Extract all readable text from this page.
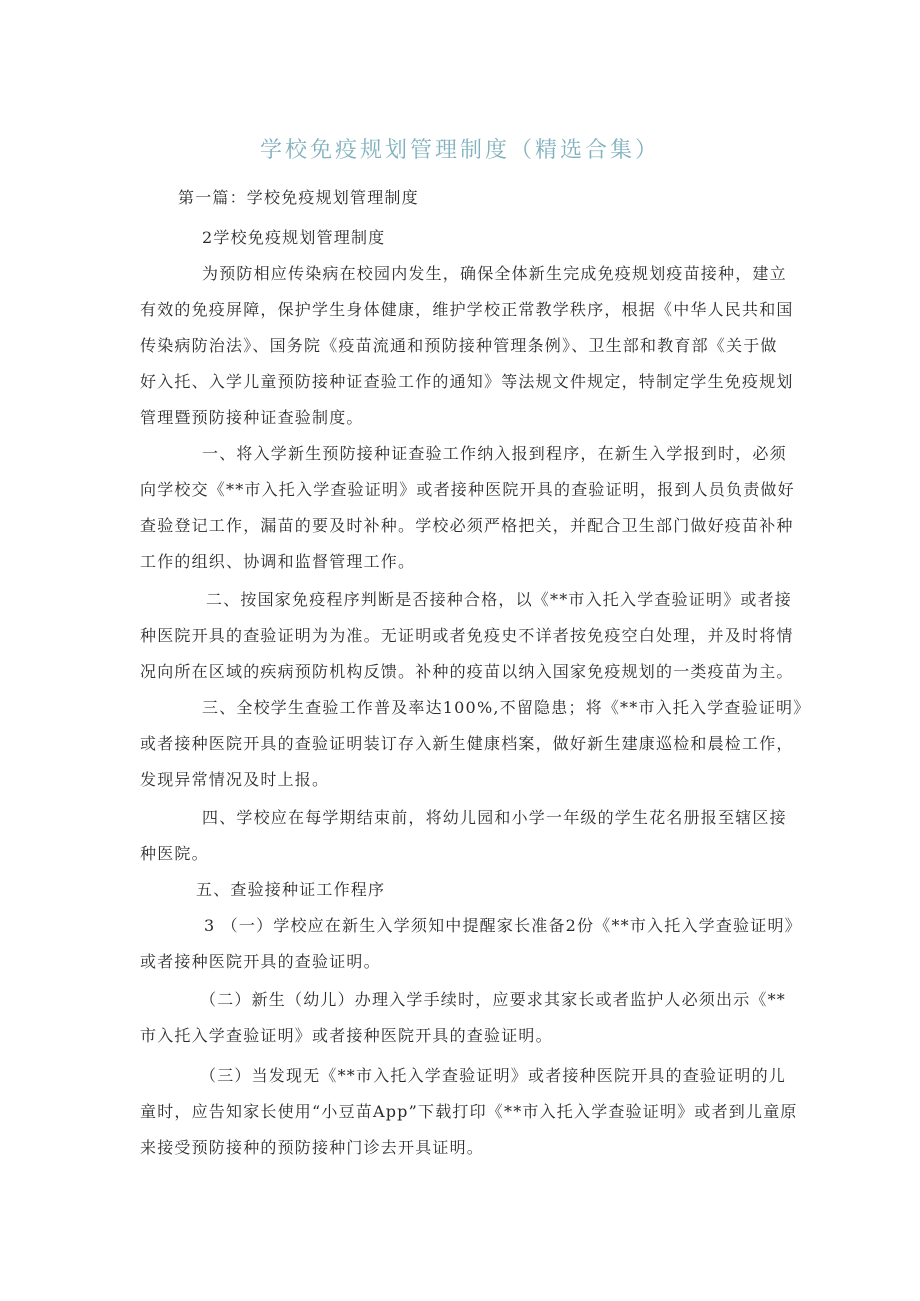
学校免疫规划管理制度（精选合集）
第一篇：学校免疫规划管理制度
2学校免疫规划管理制度
为预防相应传染病在校园内发生，确保全体新生完成免疫规划疫苗接种，建立
有效的免疫屏障，保护学生身体健康，维护学校正常教学秩序，根据《中华人民共和国
传染病防治法》、国务院《疫苗流通和预防接种管理条例》、卫生部和教育部《关于做
好入托、入学儿童预防接种证查验工作的通知》等法规文件规定，特制定学生免疫规划
管理暨预防接种证查验制度。
一、将入学新生预防接种证查验工作纳入报到程序，在新生入学报到时，必须
向学校交《**市入托入学查验证明》或者接种医院开具的查验证明，报到人员负责做好
查验登记工作，漏苗的要及时补种。学校必须严格把关，并配合卫生部门做好疫苗补种
工作的组织、协调和监督管理工作。
二、按国家免疫程序判断是否接种合格，以《**市入托入学查验证明》或者接
种医院开具的查验证明为为准。无证明或者免疫史不详者按免疫空白处理，并及时将情
况向所在区域的疾病预防机构反馈。补种的疫苗以纳入国家免疫规划的一类疫苗为主。
三、全校学生查验工作普及率达100%,不留隐患；将《**市入托入学查验证明》
或者接种医院开具的查验证明装订存入新生健康档案，做好新生建康巡检和晨检工作，
发现异常情况及时上报。
四、学校应在每学期结束前，将幼儿园和小学一年级的学生花名册报至辖区接
种医院。
五、查验接种证工作程序
3 （一）学校应在新生入学须知中提醒家长准备2份《**市入托入学查验证明》
或者接种医院开具的查验证明。
（二）新生（幼儿）办理入学手续时，应要求其家长或者监护人必须出示《**
市入托入学查验证明》或者接种医院开具的查验证明。
（三）当发现无《**市入托入学查验证明》或者接种医院开具的查验证明的儿
童时，应告知家长使用“小豆苗App”下载打印《**市入托入学查验证明》或者到儿童原
来接受预防接种的预防接种门诊去开具证明。
